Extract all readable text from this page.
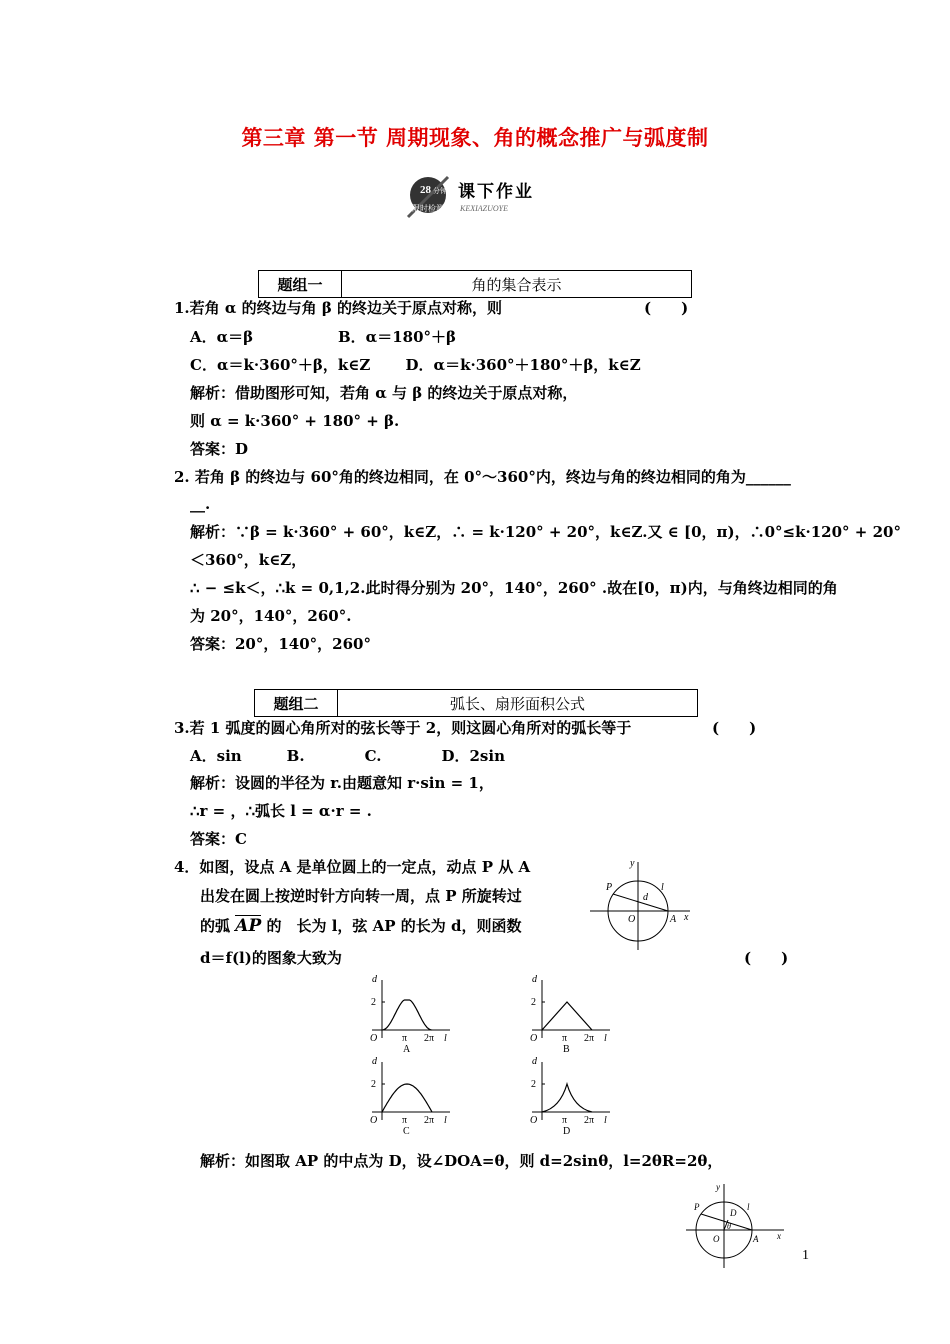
第三章 第一节 周期现象、角的概念推广与弧度制
28 分钟
限时检测
课下作业
KEXIAZUOYE
题组一	角的集合表示
1.若角 α 的终边与角 β 的终边关于原点对称，则	(　　)
A．α＝β	B．α＝180°＋β
C．α＝k·360°＋β，k∈Z　　 D．α＝k·360°＋180°＋β，k∈Z
解析：借助图形可知，若角 α 与 β 的终边关于原点对称，
则 α = k·360° + 180° + β.
答案：D
2. 若角 β 的终边与 60°角的终边相同，在 0°～360°内，终边与角的终边相同的角为______
__.
解析：∵β = k·360° + 60°，k∈Z，∴ = k·120° + 20°，k∈Z.又 ∈ [0，π)，∴0°≤k·120° + 20°
＜360°，k∈Z，
∴ − ≤k＜，∴k = 0,1,2.此时得分别为 20°，140°，260° .故在[0，π)内，与角终边相同的角
为 20°，140°，260°.
答案：20°，140°，260°
题组二	弧长、扇形面积公式
3.若 1 弧度的圆心角所对的弦长等于 2，则这圆心角所对的弧长等于	(　　)
A．sin　　　B.　　　　C.　　　　D．2sin
解析：设圆的半径为 r.由题意知 r·sin = 1，
∴r = ，∴弧长 l = α·r = .
答案：C
4．如图，设点 A 是单位圆上的一定点，动点 P 从 A
出发在圆上按逆时针方向转一周，点 P 所旋转过
的弧 AP 的　长为 l，弦 AP 的长为 d，则函数
d＝f(l)的图象大致为	(　　)
x
y
P
O	A
d
l
d
2
O π 2π l
A
d
2
O π 2π l
B
d
2
O π 2π l
C
d
2
O π 2π l
D
解析：如图取 AP 的中点为 D，设∠DOA=θ，则 d=2sinθ，l=2θR=2θ，
x
y
P
O	A
D
l
θ
1
